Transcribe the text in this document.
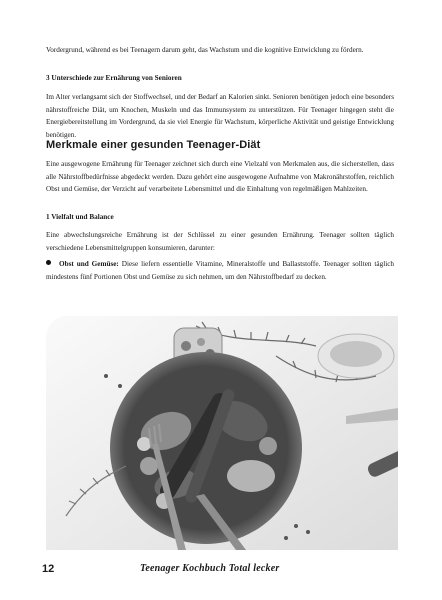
Vordergrund, während es bei Teenagern darum geht, das Wachstum und die kognitive Entwicklung zu fördern.

3 Unterschiede zur Ernährung von Senioren

Im Alter verlangsamt sich der Stoffwechsel, und der Bedarf an Kalorien sinkt. Senioren benötigen jedoch eine besonders nährstoffreiche Diät, um Knochen, Muskeln und das Immunsystem zu unterstützen. Für Teenager hingegen steht die Energiebereitstellung im Vordergrund, da sie viel Energie für Wachstum, körperliche Aktivität und geistige Entwicklung benötigen.

Merkmale einer gesunden Teenager-Diät

Eine ausgewogene Ernährung für Teenager zeichnet sich durch eine Vielzahl von Merkmalen aus, die sicherstellen, dass alle Nährstoffbedürfnisse abgedeckt werden. Dazu gehört eine ausgewogene Aufnahme von Makronährstoffen, reichlich Obst und Gemüse, der Verzicht auf verarbeitete Lebensmittel und die Einhaltung von regelmäßigen Mahlzeiten.

1 Vielfalt und Balance

Eine abwechslungsreiche Ernährung ist der Schlüssel zu einer gesunden Ernährung. Teenager sollten täglich verschiedene Lebensmittelgruppen konsumieren, darunter:

Obst und Gemüse: Diese liefern essentielle Vitamine, Mineralstoffe und Ballaststoffe. Teenager sollten täglich mindestens fünf Portionen Obst und Gemüse zu sich nehmen, um den Nährstoffbedarf zu decken.
12	Teenager Kochbuch Total lecker
